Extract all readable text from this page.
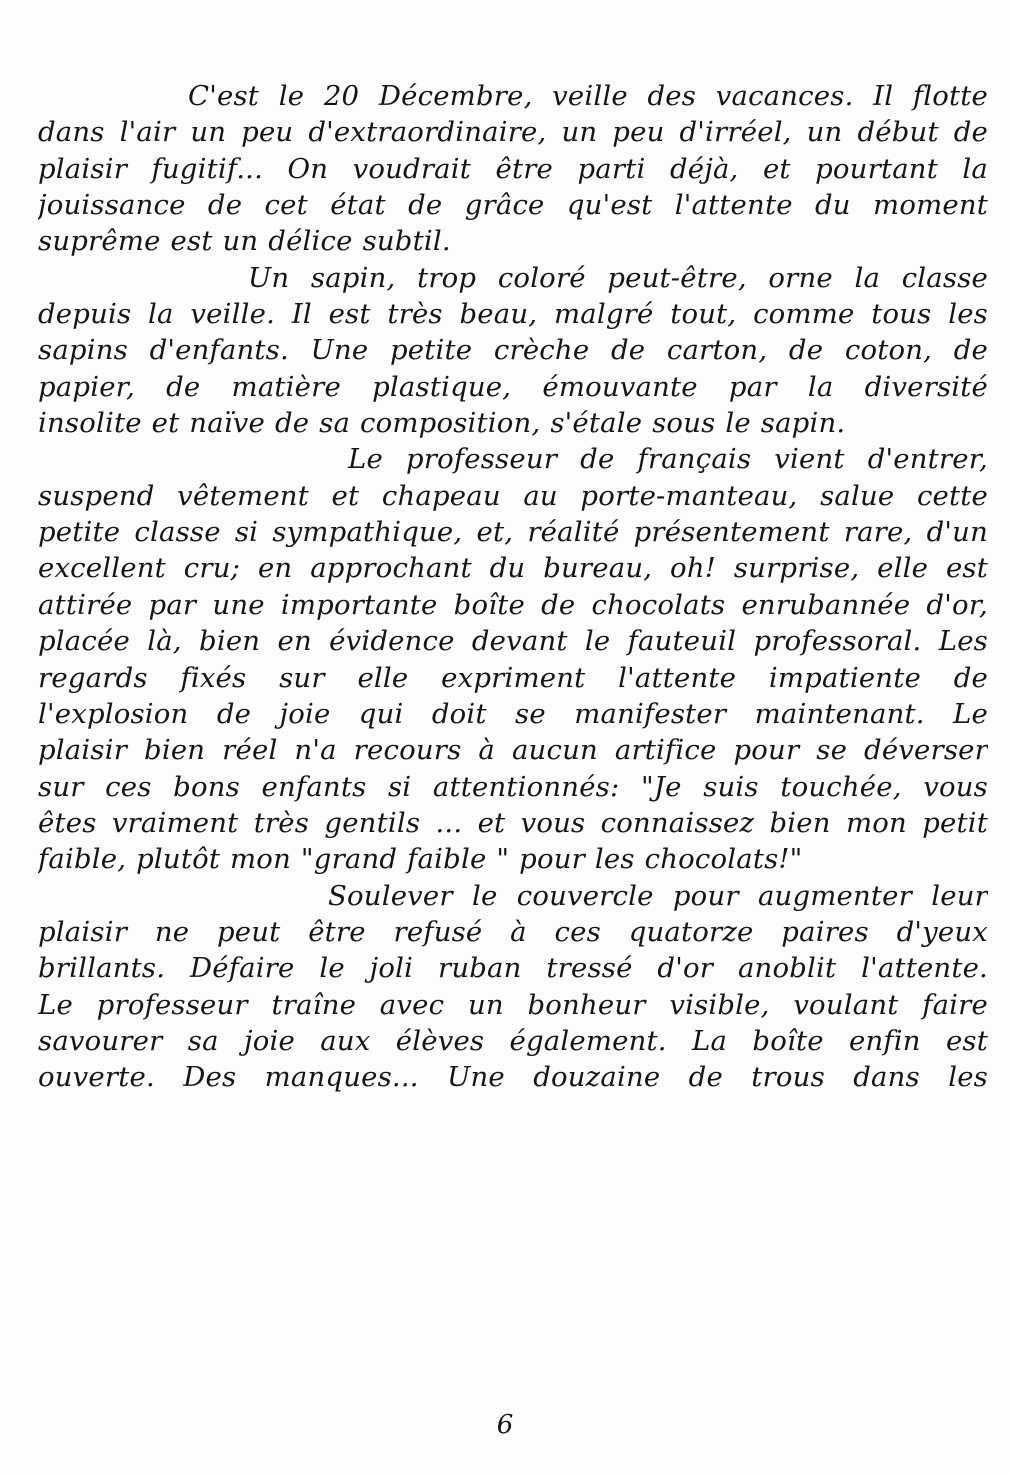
C'est le 20 Décembre, veille des vacances. Il flotte
dans l'air un peu d'extraordinaire, un peu d'irréel, un début de
plaisir fugitif... On voudrait être parti déjà, et pourtant la
jouissance de cet état de grâce qu'est l'attente du moment
suprême est un délice subtil.
Un sapin, trop coloré peut-être, orne la classe
depuis la veille. Il est très beau, malgré tout, comme tous les
sapins d'enfants. Une petite crèche de carton, de coton, de
papier, de matière plastique, émouvante par la diversité
insolite et naïve de sa composition, s'étale sous le sapin.
Le professeur de français vient d'entrer,
suspend vêtement et chapeau au porte-manteau, salue cette
petite classe si sympathique, et, réalité présentement rare, d'un
excellent cru; en approchant du bureau, oh! surprise, elle est
attirée par une importante boîte de chocolats enrubannée d'or,
placée là, bien en évidence devant le fauteuil professoral. Les
regards fixés sur elle expriment l'attente impatiente de
l'explosion de joie qui doit se manifester maintenant. Le
plaisir bien réel n'a recours à aucun artifice pour se déverser
sur ces bons enfants si attentionnés: "Je suis touchée, vous
êtes vraiment très gentils ... et vous connaissez bien mon petit
faible, plutôt mon "grand faible " pour les chocolats!"
Soulever le couvercle pour augmenter leur
plaisir ne peut être refusé à ces quatorze paires d'yeux
brillants. Défaire le joli ruban tressé d'or anoblit l'attente.
Le professeur traîne avec un bonheur visible, voulant faire
savourer sa joie aux élèves également. La boîte enfin est
ouverte. Des manques... Une douzaine de trous dans les
6
